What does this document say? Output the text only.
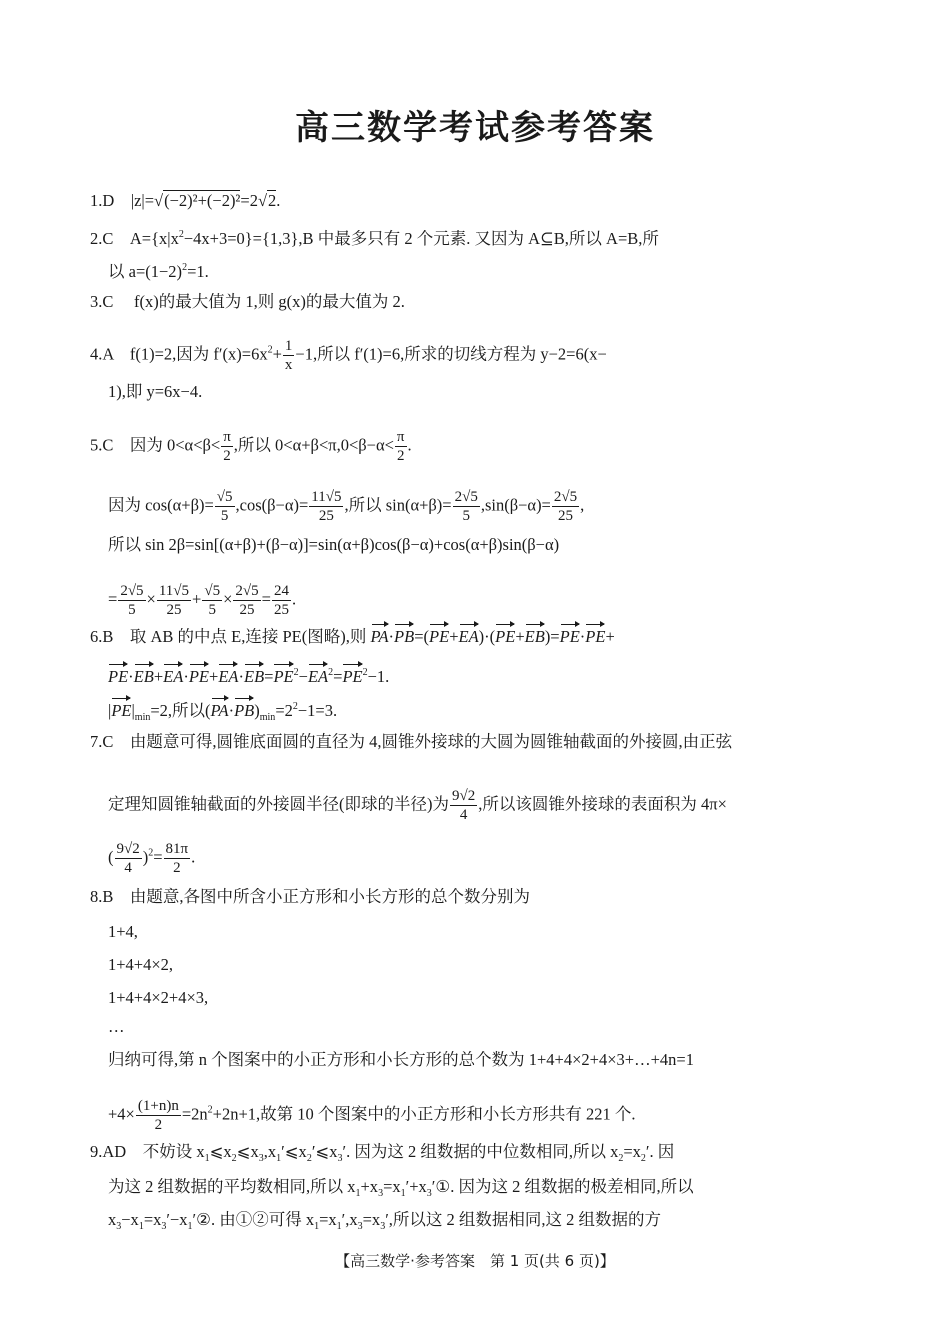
高三数学考试参考答案
1.D　|z|=√(−2)²+(−2)²=2√2.
2.C　$A=\{x|x^2-4x+3=0\}=\{1,3\},B$ 中最多只有 2 个元素. 又因为 A⊆B,所以 A=B,所
以 $a=(1-2)^2=1$.
3.C　 f(x)的最大值为 1,则 g(x)的最大值为 2.
4.A　f(1)=2,因为 $f'(x)=6x^2+ \frac{1}{x} -1$,所以 f′(1)=6,所求的切线方程为 y−2=6(x−
1),即 y=6x−4.
5.C　因为 $0<\alpha<\beta< \frac{\pi}{2}$ ,所以 $0<\alpha+\beta<\pi,0<\beta-\alpha< \frac{\pi}{2}$ .
因为 $\cos(\alpha+\beta)= \frac{√5}{5} ,\cos(\beta-\alpha)= \frac{11√5}{25}$ ,所以 $\sin(\alpha+\beta)= \frac{2√5}{5} ,\sin(\beta-\alpha)= \frac{2√5}{25}$ ,
所以 sin 2β=sin[(α+β)+(β−α)]=sin(α+β)cos(β−α)+cos(α+β)sin(β−α)
= $\frac{2√5}{5} \times \frac{11√5}{25} + \frac{√5}{5} \times \frac{2√5}{25} = \frac{24}{25}$ .
6.B　取 AB 的中点 E,连接 PE(图略),则 PA·PB=(PE+EA)·(PE+EB)=PE·PE+
$PE\cdot EB+EA\cdot PE+EA\cdot EB=PE^2-EA^2=PE^2-1$.
$|PE|_{min}=2$,所以$(PA\cdot PB)_{min}=2^2-1=3$.
7.C　由题意可得,圆锥底面圆的直径为 4,圆锥外接球的大圆为圆锥轴截面的外接圆,由正弦
定理知圆锥轴截面的外接圆半径(即球的半径)为 $\frac{9√2}{4}$ ,所以该圆锥外接球的表面积为 4π×
( $\frac{9√2}{4} )^2= \frac{81\pi}{2}$ .
8.B　由题意,各图中所含小正方形和小长方形的总个数分别为
1+4,
1+4+4×2,
1+4+4×2+4×3,
…
归纳可得,第 n 个图案中的小正方形和小长方形的总个数为 1+4+4×2+4×3+…+4n=1
$+4\times \frac{(1+n)n}{2} =2n^2+2n+1$,故第 10 个图案中的小正方形和小长方形共有 221 个.
9.AD　不妨设 $x_1⩽x_2⩽x_3,x_1'⩽x_2'⩽x_3'$. 因为这 2 组数据的中位数相同,所以 $x_2=x_2'$. 因
为这 2 组数据的平均数相同,所以 $x_1+x_3=x_1'+x_3'①$. 因为这 2 组数据的极差相同,所以
$x_3-x_1=x_3'-x_1'②$. 由①②可得 $x_1=x_1',x_3=x_3'$,所以这 2 组数据相同,这 2 组数据的方
【高三数学·参考答案　第 1 页(共 6 页)】
